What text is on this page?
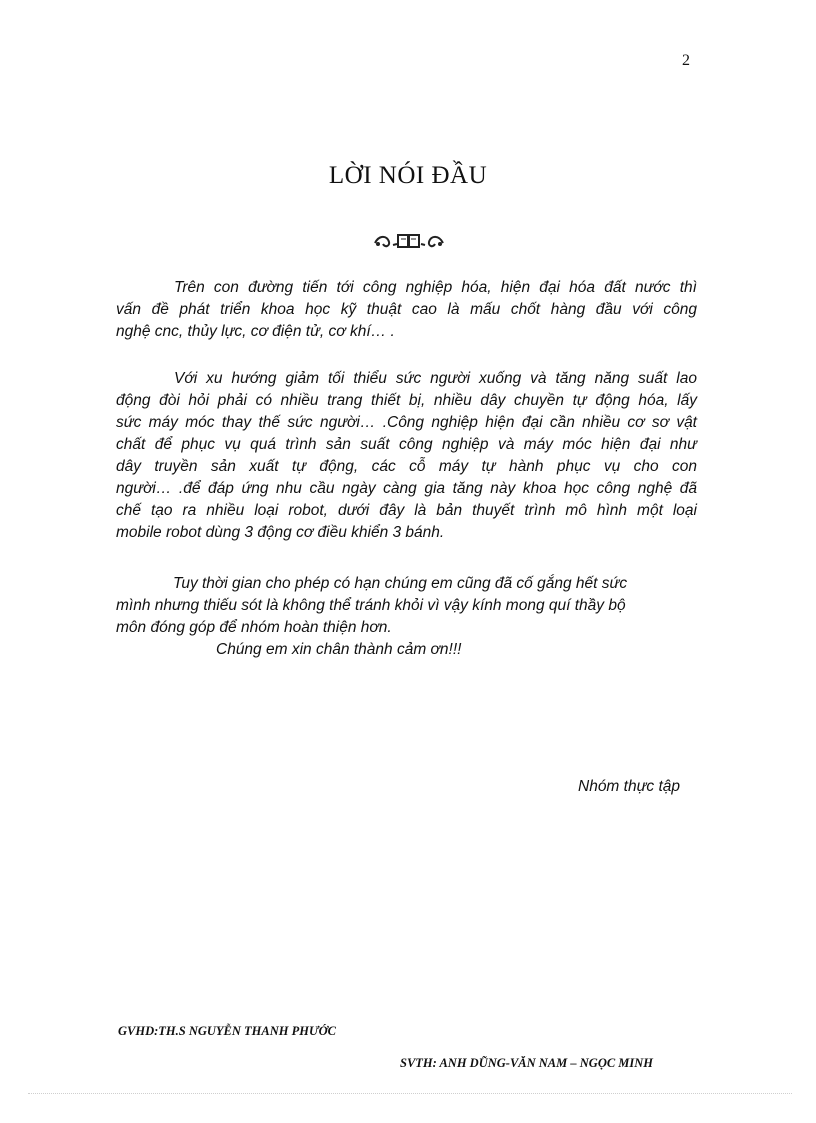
2
LỜI NÓI ĐẦU
Trên con đường tiến tới công nghiệp hóa, hiện đại hóa đất nước thì
vấn đề phát triển khoa học kỹ thuật cao là mấu chốt hàng đầu với công
nghệ cnc, thủy lực, cơ điện tử, cơ khí… .
Với xu hướng giảm tối thiểu sức người xuống và tăng năng suất lao
động đòi hỏi phải có nhiều trang thiết bị, nhiều dây chuyền tự động hóa, lấy
sức máy móc thay thế sức người… .Công nghiệp hiện đại cần nhiều cơ sơ vật
chất để phục vụ quá trình sản suất công nghiệp và máy móc hiện đại như
dây truyền sản xuất tự động, các cỗ máy tự hành phục vụ cho con
người… .để đáp ứng nhu cầu ngày càng gia tăng này khoa học công nghệ đã
chế tạo ra nhiều loại robot, dưới đây là bản thuyết trình mô hình một loại
mobile robot dùng 3 động cơ điều khiển 3 bánh.
Tuy thời gian cho phép có hạn chúng em cũng đã cố gắng hết sức
mình nhưng thiếu sót là không thể tránh khỏi vì vậy kính mong quí thầy bộ
môn đóng góp để nhóm hoàn thiện hơn.
Chúng em xin chân thành cảm ơn!!!
Nhóm thực tập
GVHD:TH.S NGUYỄN THANH PHƯỚC
SVTH: ANH DŨNG-VĂN NAM – NGỌC MINH
